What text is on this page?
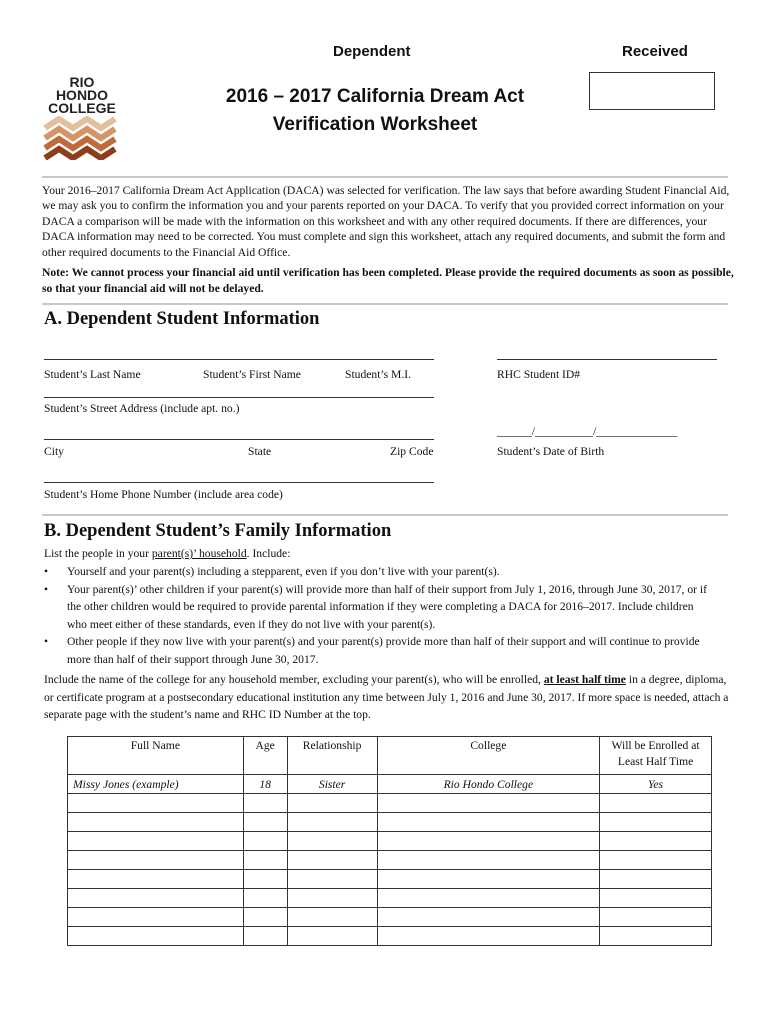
Dependent	Received
RIO
HONDO
COLLEGE
2016 – 2017 California Dream Act
Verification Worksheet
Your 2016–2017 California Dream Act Application (DACA) was selected for verification. The law says that before awarding Student Financial Aid, we may ask you to confirm the information you and your parents reported on your DACA. To verify that you provided correct information on your DACA a comparison will be made with the information on this worksheet and with any other required documents. If there are differences, your DACA information may need to be corrected. You must complete and sign this worksheet, attach any required documents, and submit the form and other required documents to the Financial Aid Office.
Note: We cannot process your financial aid until verification has been completed. Please provide the required documents as soon as possible, so that your financial aid will not be delayed.
A. Dependent Student Information
Student’s Last Name	Student’s First Name	Student’s M.I.	RHC Student ID#
Student’s Street Address (include apt. no.)
______/__________/______________
City	State	Zip Code	Student’s Date of Birth
Student’s Home Phone Number (include area code)
B. Dependent Student’s Family Information
List the people in your parent(s)’ household. Include:
• Yourself and your parent(s) including a stepparent, even if you don’t live with your parent(s).
• Your parent(s)’ other children if your parent(s) will provide more than half of their support from July 1, 2016, through June 30, 2017, or if the other children would be required to provide parental information if they were completing a DACA for 2016–2017. Include children who meet either of these standards, even if they do not live with your parent(s).
• Other people if they now live with your parent(s) and your parent(s) provide more than half of their support and will continue to provide more than half of their support through June 30, 2017.
Include the name of the college for any household member, excluding your parent(s), who will be enrolled, at least half time in a degree, diploma, or certificate program at a postsecondary educational institution any time between July 1, 2016 and June 30, 2017. If more space is needed, attach a separate page with the student’s name and RHC ID Number at the top.
Full Name	Age	Relationship	College	Will be Enrolled at Least Half Time
Missy Jones (example)	18	Sister	Rio Hondo College	Yes
